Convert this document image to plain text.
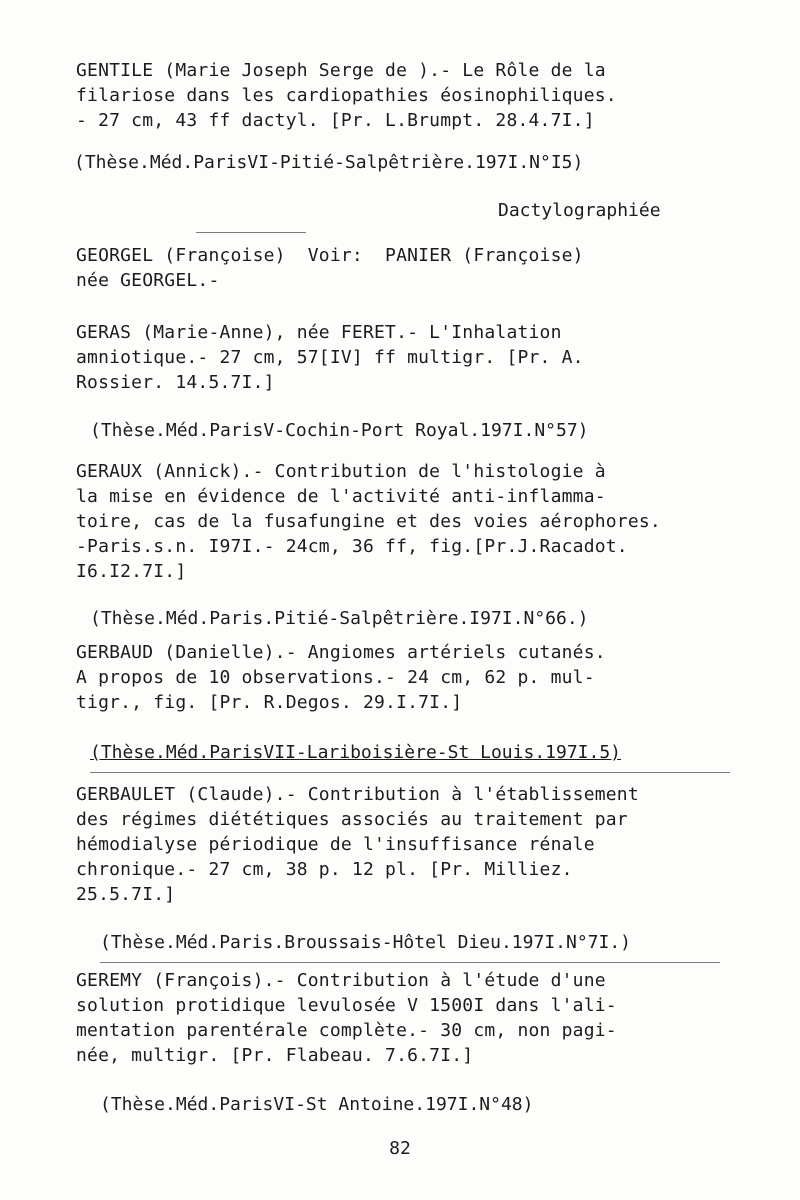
GENTILE (Marie Joseph Serge de ).- Le Rôle de la
filariose dans les cardiopathies éosinophiliques.
- 27 cm, 43 ff dactyl. [Pr. L.Brumpt. 28.4.7I.]
(Thèse.Méd.ParisVI-Pitié-Salpêtrière.197I.N°I5)
Dactylographiée
GEORGEL (Françoise)  Voir:  PANIER (Françoise)
née GEORGEL.-
GERAS (Marie-Anne), née FERET.- L'Inhalation
amniotique.- 27 cm, 57[IV] ff multigr. [Pr. A.
Rossier. 14.5.7I.]
(Thèse.Méd.ParisV-Cochin-Port Royal.197I.N°57)
GERAUX (Annick).- Contribution de l'histologie à
la mise en évidence de l'activité anti-inflamma-
toire, cas de la fusafungine et des voies aérophores.
-Paris.s.n. I97I.- 24cm, 36 ff, fig.[Pr.J.Racadot.
I6.I2.7I.]
(Thèse.Méd.Paris.Pitié-Salpêtrière.I97I.N°66.)
GERBAUD (Danielle).- Angiomes artériels cutanés.
A propos de 10 observations.- 24 cm, 62 p. mul-
tigr., fig. [Pr. R.Degos. 29.I.7I.]
(Thèse.Méd.ParisVII-Lariboisière-St Louis.197I.5)
GERBAULET (Claude).- Contribution à l'établissement
des régimes diététiques associés au traitement par
hémodialyse périodique de l'insuffisance rénale
chronique.- 27 cm, 38 p. 12 pl. [Pr. Milliez.
25.5.7I.]
(Thèse.Méd.Paris.Broussais-Hôtel Dieu.197I.N°7I.)
GEREMY (François).- Contribution à l'étude d'une
solution protidique levulosée V 1500I dans l'ali-
mentation parentérale complète.- 30 cm, non pagi-
née, multigr. [Pr. Flabeau. 7.6.7I.]
(Thèse.Méd.ParisVI-St Antoine.197I.N°48)
82
